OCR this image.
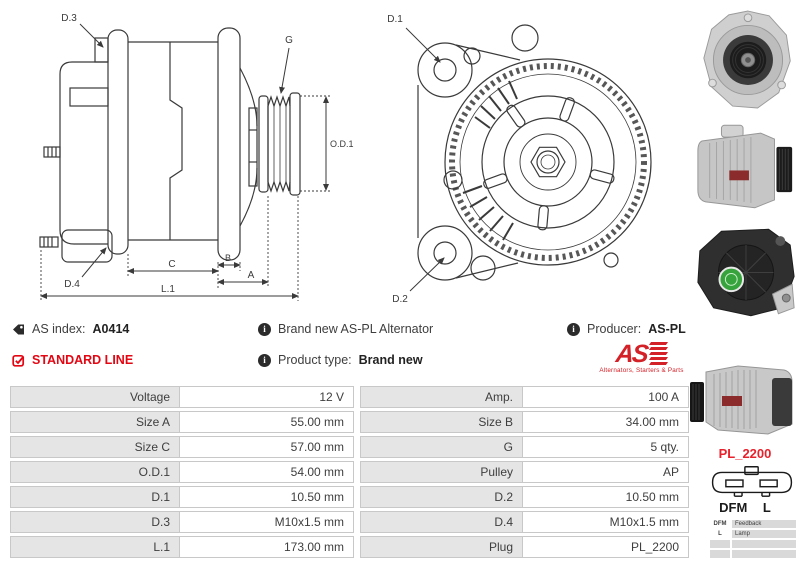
D.3
G
O.D.1
D.4
C
B
A
L.1
D.1
D.2
AS index: A0414	i Brand new AS-PL Alternator	i Producer: AS-PL
STANDARD LINE	i Product type: Brand new	AS
Alternators, Starters & Parts
Voltage	12 V	Amp.	100 A
Size A	55.00 mm	Size B	34.00 mm
Size C	57.00 mm	G	5 qty.
O.D.1	54.00 mm	Pulley	AP
D.1	10.50 mm	D.2	10.50 mm
D.3	M10x1.5 mm	D.4	M10x1.5 mm
L.1	173.00 mm	Plug	PL_2200
PL_2200
DFM L
DFM	Feedback
L	Lamp
